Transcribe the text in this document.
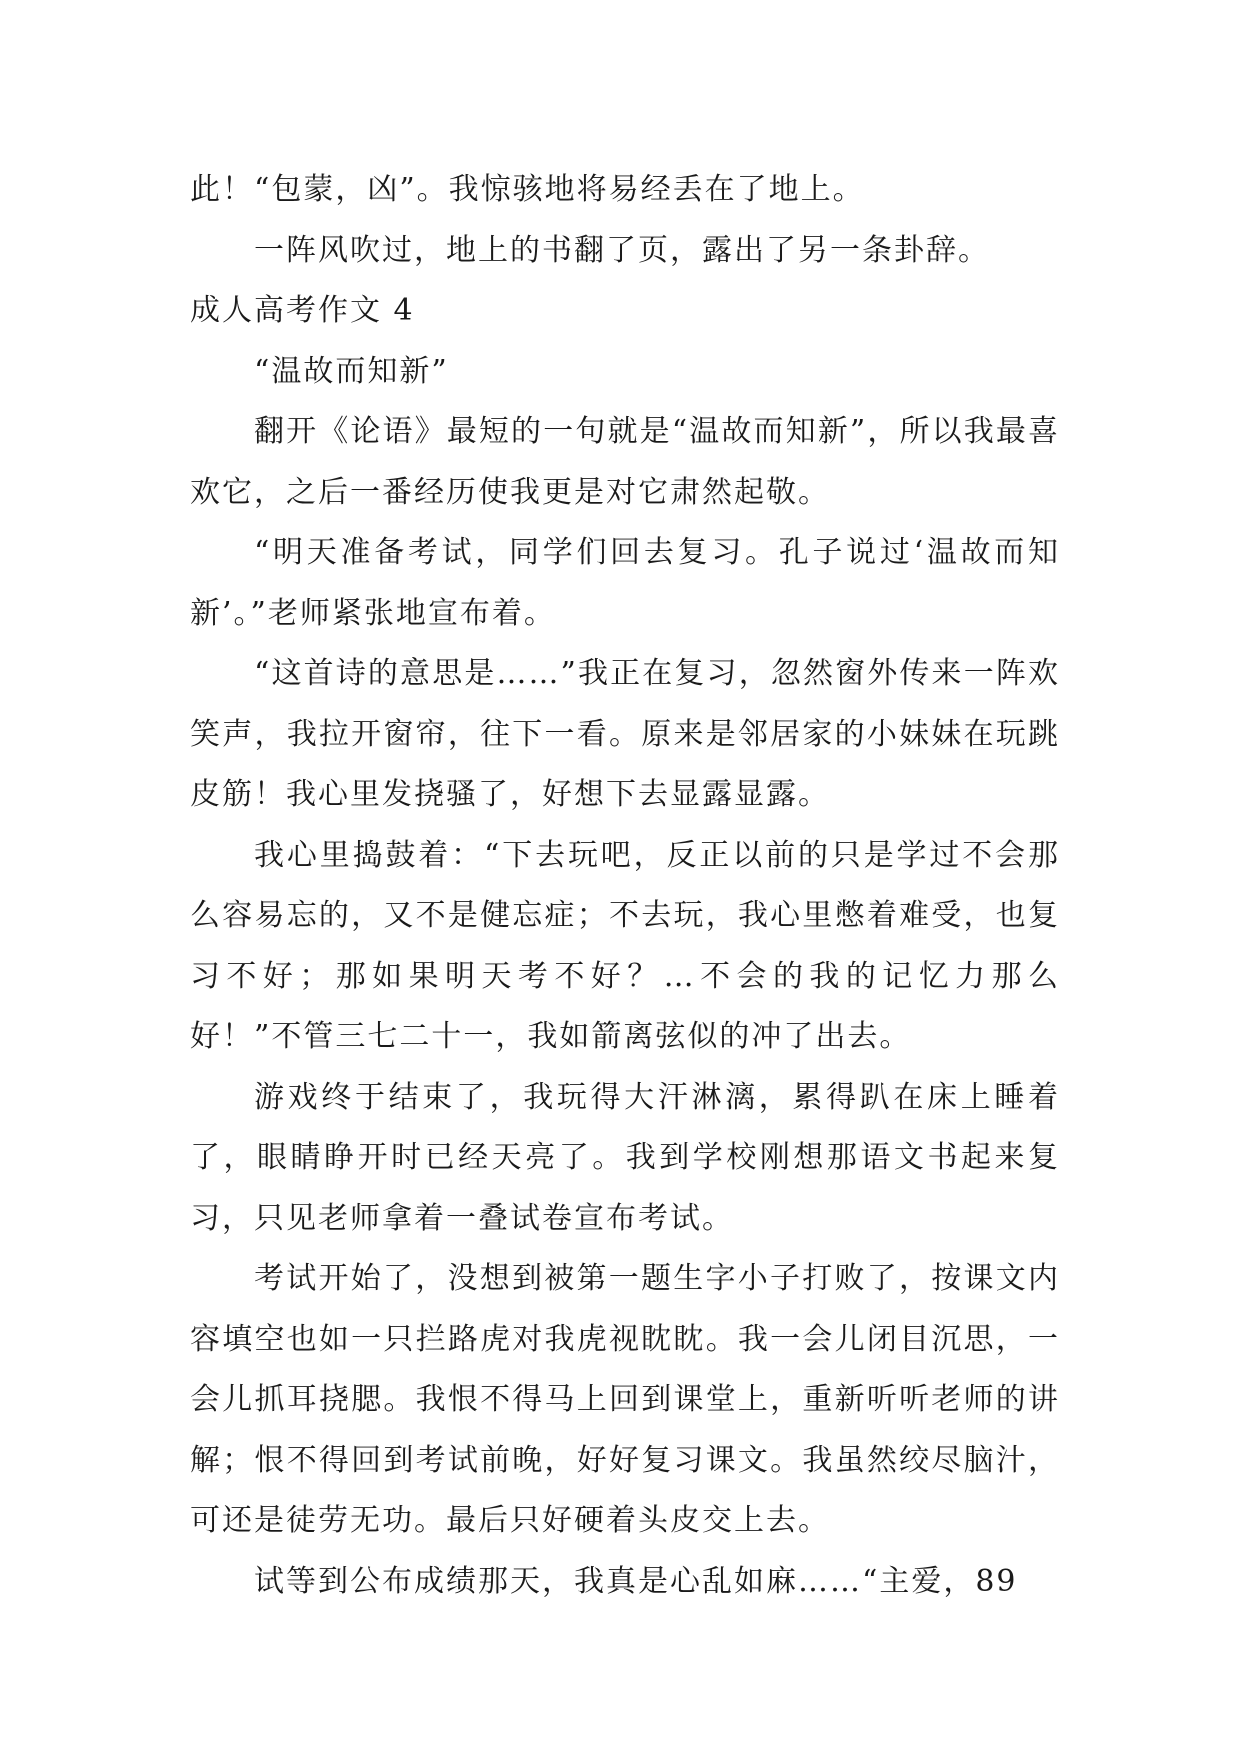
此！“包蒙，凶”。我惊骇地将易经丢在了地上。

一阵风吹过，地上的书翻了页，露出了另一条卦辞。

成人高考作文 4

“温故而知新”

翻开《论语》最短的一句就是“温故而知新”，所以我最喜欢它，之后一番经历使我更是对它肃然起敬。

“明天准备考试，同学们回去复习。孔子说过‘温故而知新’。”老师紧张地宣布着。

“这首诗的意思是……”我正在复习，忽然窗外传来一阵欢笑声，我拉开窗帘，往下一看。原来是邻居家的小妹妹在玩跳皮筋！我心里发挠骚了，好想下去显露显露。

我心里捣鼓着：“下去玩吧，反正以前的只是学过不会那么容易忘的，又不是健忘症；不去玩，我心里憋着难受，也复习不好；那如果明天考不好？…不会的我的记忆力那么好！”不管三七二十一，我如箭离弦似的冲了出去。

游戏终于结束了，我玩得大汗淋漓，累得趴在床上睡着了，眼睛睁开时已经天亮了。我到学校刚想那语文书起来复习，只见老师拿着一叠试卷宣布考试。

考试开始了，没想到被第一题生字小子打败了，按课文内容填空也如一只拦路虎对我虎视眈眈。我一会儿闭目沉思，一会儿抓耳挠腮。我恨不得马上回到课堂上，重新听听老师的讲解；恨不得回到考试前晚，好好复习课文。我虽然绞尽脑汁，可还是徒劳无功。最后只好硬着头皮交上去。

试等到公布成绩那天，我真是心乱如麻……“主爱，89
